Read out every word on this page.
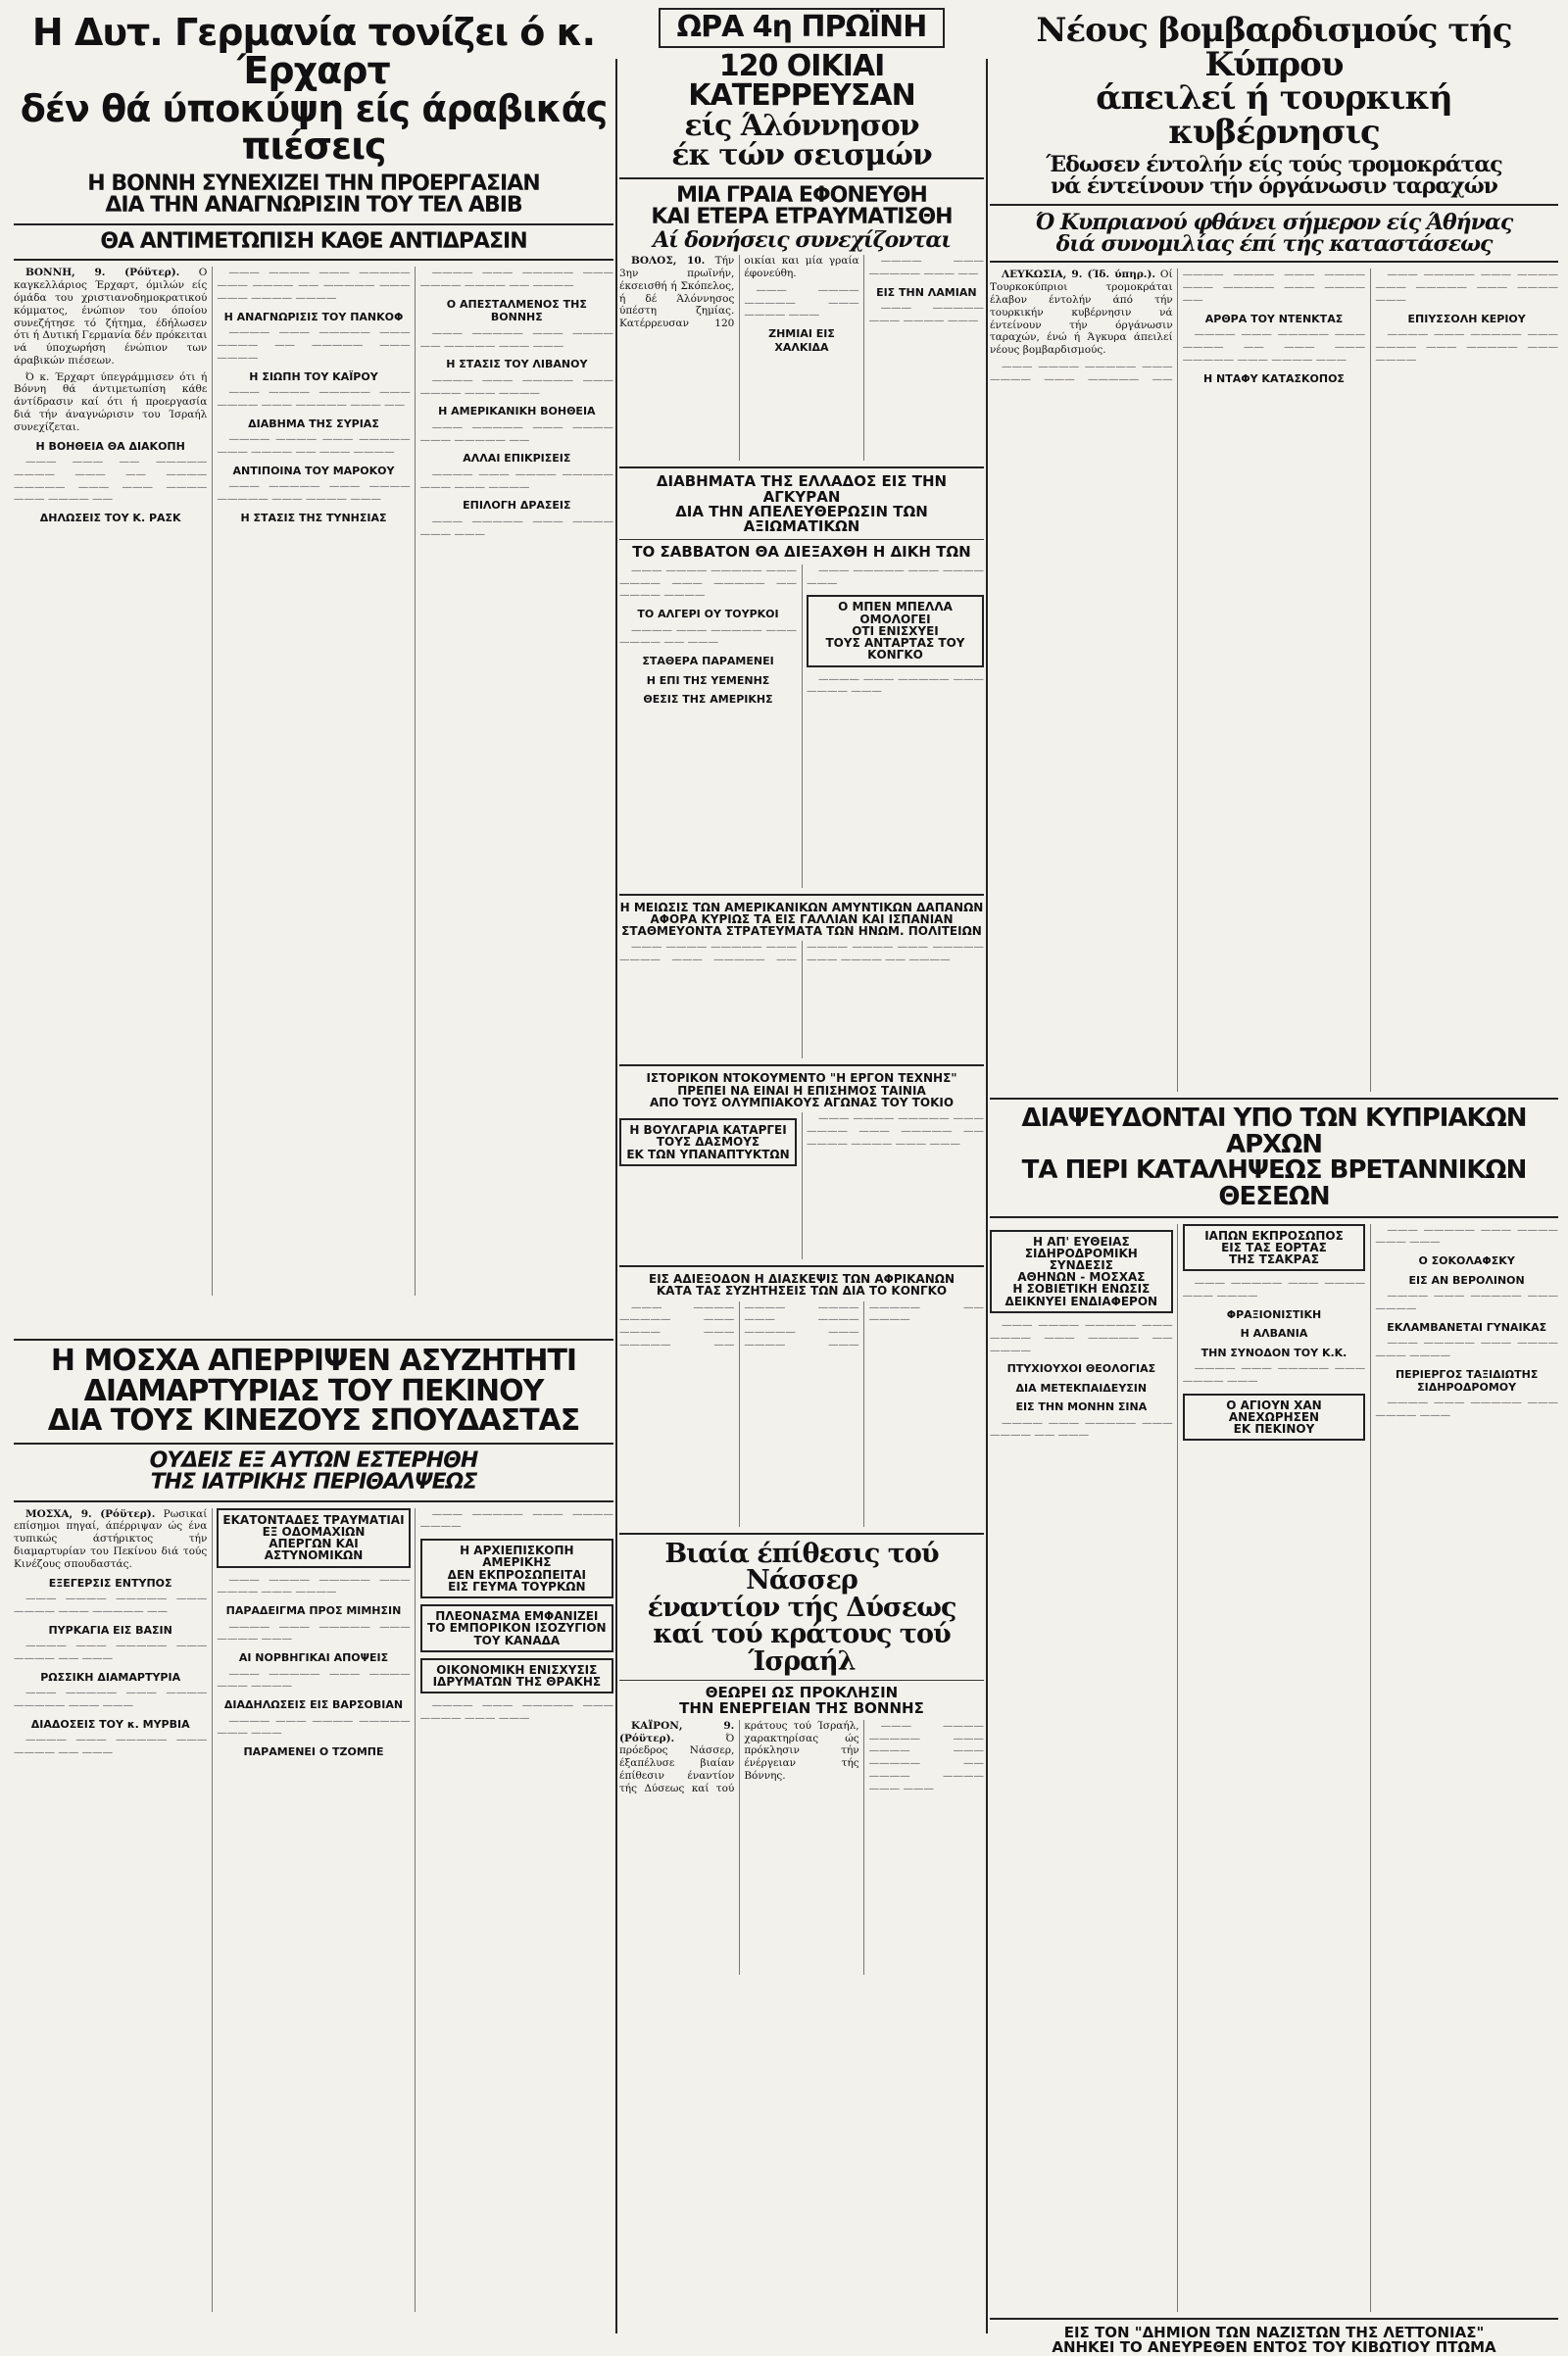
Η Δυτ. Γερμανία τονίζει ό κ. Έρχαρτ
δέν θά ύποκύψη είς άραβικάς πιέσεις
Η ΒΟΝΝΗ ΣΥΝΕΧΙΖΕΙ ΤΗΝ ΠΡΟΕΡΓΑΣΙΑΝ
ΔΙΑ ΤΗΝ ΑΝΑΓΝΩΡΙΣΙΝ ΤΟΥ ΤΕΛ ΑΒΙΒ
ΘΑ ΑΝΤΙΜΕΤΩΠΙΣΗ ΚΑΘΕ ΑΝΤΙΔΡΑΣΙΝ

ΒΟΝΝΗ, 9. (Ρόϋτερ). Ο καγκελλάριος Έρχαρτ, όμιλών είς όμάδα του χριστιανοδημοκρατικού κόμματος, ένώπιον του όποίου συνεζήτησε τό ζήτημα, έδήλωσεν ότι ή Δυτική Γερμανία δέν πρόκειται νά ύποχωρήση ένώπιον των άραβικών πιέσεων.

Ό κ. Έρχαρτ ύπεγράμμισεν ότι ή Βόννη θά άντιμετωπίση κάθε άντίδρασιν καί ότι ή προεργασία διά τήν άναγνώρισιν του Ίσραήλ συνεχίζεται.

Η ΒΟΗΘΕΙΑ ΘΑ ΔΙΑΚΟΠΗ

——— ——— —— ————— ———— ——— —— ———— ————— ——— ——— ———— ——— ———— ——

ΔΗΛΩΣΕΙΣ ΤΟΥ Κ. ΡΑΣΚ

——— ———— ——— ————— ——— ———— —— ————— ——— ——— ———— ————

Η ΑΝΑΓΝΩΡΙΣΙΣ ΤΟΥ ΠΑΝΚΟΦ

———— ——— ————— ——— ———— —— ————— ——— ————

Η ΣΙΩΠΗ ΤΟΥ ΚΑΪΡΟΥ

——— ———— ————— ——— ———— ——— ————— ——— ——

ΔΙΑΒΗΜΑ ΤΗΣ ΣΥΡΙΑΣ

———— ———— ——— ————— ——— ———— —— ——— ————

ΑΝΤΙΠΟΙΝΑ ΤΟΥ ΜΑΡΟΚΟΥ

——— ————— ——— ———— ————— ——— ———— ———

Η ΣΤΑΣΙΣ ΤΗΣ ΤΥΝΗΣΙΑΣ

———— ——— ————— ——— ———— ———— —— ————

Ο ΑΠΕΣΤΑΛΜΕΝΟΣ ΤΗΣ ΒΟΝΝΗΣ

——— ————— ——— ———— —— ————— ——— ———

Η ΣΤΑΣΙΣ ΤΟΥ ΛΙΒΑΝΟΥ

———— ——— ————— ——— ———— ——— ————

Η ΑΜΕΡΙΚΑΝΙΚΗ ΒΟΗΘΕΙΑ

——— ————— ——— ———— ——— ————— ——

ΑΛΛΑΙ ΕΠΙΚΡΙΣΕΙΣ

———— ——— ———— ————— ——— ——— ————

ΕΠΙΛΟΓΗ ΔΡΑΣΕΙΣ

——— ————— ——— ———— ——— ———

Η ΜΟΣΧΑ ΑΠΕΡΡΙΨΕΝ ΑΣΥΖΗΤΗΤΙ
ΔΙΑΜΑΡΤΥΡΙΑΣ ΤΟΥ ΠΕΚΙΝΟΥ
ΔΙΑ ΤΟΥΣ ΚΙΝΕΖΟΥΣ ΣΠΟΥΔΑΣΤΑΣ
ΟΥΔΕΙΣ ΕΞ ΑΥΤΩΝ ΕΣΤΕΡΗΘΗ
ΤΗΣ ΙΑΤΡΙΚΗΣ ΠΕΡΙΘΑΛΨΕΩΣ

ΜΟΣΧΑ, 9. (Ρόϋτερ). Ρωσικαί επίσημοι πηγαί, άπέρριψαν ώς ένα τυπικώς άστήρικτος τήν διαμαρτυρίαν του Πεκίνου διά τούς Κινέζους σπουδαστάς.

ΕΞΕΓΕΡΣΙΣ ΕΝΤΥΠΟΣ

——— ———— ————— ——— ———— ——— ————— ——

ΠΥΡΚΑΓΙΑ ΕΙΣ ΒΑΣΙΝ

———— ——— ————— ——— ———— —— ———

ΡΩΣΣΙΚΗ ΔΙΑΜΑΡΤΥΡΙΑ

——— ————— ——— ———— ————— ——— ———

ΔΙΑΔΟΣΕΙΣ ΤΟΥ κ. ΜΥΡΒΙΑ

———— ——— ————— ——— ———— —— ———

ΕΚΑΤΟΝΤΑΔΕΣ ΤΡΑΥΜΑΤΙΑΙ
ΕΞ ΟΔΟΜΑΧΙΩΝ
ΑΠΕΡΓΩΝ ΚΑΙ ΑΣΤΥΝΟΜΙΚΩΝ

——— ———— ————— ——— ———— ——— ————

ΠΑΡΑΔΕΙΓΜΑ ΠΡΟΣ ΜΙΜΗΣΙΝ

———— ——— ————— ——— ———— ———

ΑΙ ΝΟΡΒΗΓΙΚΑΙ ΑΠΟΨΕΙΣ

——— ————— ——— ———— ——— ————

ΔΙΑΔΗΛΩΣΕΙΣ ΕΙΣ ΒΑΡΣΟΒΙΑΝ

———— ——— ———— ————— ——— ———

ΠΑΡΑΜΕΝΕΙ Ο ΤΖΟΜΠΕ

——— ————— ——— ———— ————

Η ΑΡΧΙΕΠΙΣΚΟΠΗ ΑΜΕΡΙΚΗΣ
ΔΕΝ ΕΚΠΡΟΣΩΠΕΙΤΑΙ
ΕΙΣ ΓΕΥΜΑ ΤΟΥΡΚΩΝ
ΠΛΕΟΝΑΣΜΑ ΕΜΦΑΝΙΖΕΙ
ΤΟ ΕΜΠΟΡΙΚΟΝ ΙΣΟΖΥΓΙΟΝ
ΤΟΥ ΚΑΝΑΔΑ
ΟΙΚΟΝΟΜΙΚΗ ΕΝΙΣΧΥΣΙΣ
ΙΔΡΥΜΑΤΩΝ ΤΗΣ ΘΡΑΚΗΣ

———— ——— ————— ——— ———— ——— ———

ΩΡΑ 4η ΠΡΩΪΝΗ
120 ΟΙΚΙΑΙ ΚΑΤΕΡΡΕΥΣΑΝ
είς Άλόννησον
έκ τών σεισμών
ΜΙΑ ΓΡΑΙΑ ΕΦΟΝΕΥΘΗ
ΚΑΙ ΕΤΕΡΑ ΕΤΡΑΥΜΑΤΙΣΘΗ
Αί δονήσεις συνεχίζονται

ΒΟΛΟΣ, 10. Τήν 3ην πρωϊνήν, έκσεισθή ή Σκόπελος, ή δέ Άλόννησος ύπέστη ζημίας. Κατέρρευσαν 120 οικίαι και μία γραία έφονεύθη.

——— ———— ————— ——— ———— ———

ΖΗΜΙΑΙ ΕΙΣ ΧΑΛΚΙΔΑ

———— ——— ————— ——— ——

ΕΙΣ ΤΗΝ ΛΑΜΙΑΝ

——— ————— ——— ———— ———

ΔΙΑΒΗΜΑΤΑ ΤΗΣ ΕΛΛΑΔΟΣ ΕΙΣ ΤΗΝ ΑΓΚΥΡΑΝ
ΔΙΑ ΤΗΝ ΑΠΕΛΕΥΘΕΡΩΣΙΝ ΤΩΝ ΑΞΙΩΜΑΤΙΚΩΝ
ΤΟ ΣΑΒΒΑΤΟΝ ΘΑ ΔΙΕΞΑΧΘΗ Η ΔΙΚΗ ΤΩΝ

——— ———— ————— ——— ———— ——— ————— —— ———— ————

ΤΟ ΑΛΓΕΡΙ ΟΥ ΤΟΥΡΚΟΙ

———— ——— ————— ——— ———— —— ———

ΣΤΑΘΕΡΑ ΠΑΡΑΜΕΝΕΙ
Η ΕΠΙ ΤΗΣ ΥΕΜΕΝΗΣ
ΘΕΣΙΣ ΤΗΣ ΑΜΕΡΙΚΗΣ

——— ————— ——— ———— ———

Ο ΜΠΕΝ ΜΠΕΛΛΑ ΟΜΟΛΟΓΕΙ
ΟΤΙ ΕΝΙΣΧΥΕΙ
ΤΟΥΣ ΑΝΤΑΡΤΑΣ ΤΟΥ ΚΟΝΓΚΟ

———— ——— ————— ——— ———— ———

Η ΜΕΙΩΣΙΣ ΤΩΝ ΑΜΕΡΙΚΑΝΙΚΩΝ ΑΜΥΝΤΙΚΩΝ ΔΑΠΑΝΩΝ
ΑΦΟΡΑ ΚΥΡΙΩΣ ΤΑ ΕΙΣ ΓΑΛΛΙΑΝ ΚΑΙ ΙΣΠΑΝΙΑΝ
ΣΤΑΘΜΕΥΟΝΤΑ ΣΤΡΑΤΕΥΜΑΤΑ ΤΩΝ ΗΝΩΜ. ΠΟΛΙΤΕΙΩΝ

——— ———— ————— ——— ———— ——— ————— —— ———— ———— ——— ————— ——— ———— —— ————

ΙΣΤΟΡΙΚΟΝ ΝΤΟΚΟΥΜΕΝΤΟ "Η ΕΡΓΟΝ ΤΕΧΝΗΣ"
ΠΡΕΠΕΙ ΝΑ ΕΙΝΑΙ Η ΕΠΙΣΗΜΟΣ ΤΑΙΝΙΑ
ΑΠΟ ΤΟΥΣ ΟΛΥΜΠΙΑΚΟΥΣ ΑΓΩΝΑΣ ΤΟΥ ΤΟΚΙΟ
Η ΒΟΥΛΓΑΡΙΑ ΚΑΤΑΡΓΕΙ
ΤΟΥΣ ΔΑΣΜΟΥΣ
ΕΚ ΤΩΝ ΥΠΑΝΑΠΤΥΚΤΩΝ

——— ———— ————— ——— ———— ——— ————— —— ———— ———— ——— ———

ΕΙΣ ΑΔΙΕΞΟΔΟΝ Η ΔΙΑΣΚΕΨΙΣ ΤΩΝ ΑΦΡΙΚΑΝΩΝ
ΚΑΤΑ ΤΑΣ ΣΥΖΗΤΗΣΕΙΣ ΤΩΝ ΔΙΑ ΤΟ ΚΟΝΓΚΟ

——— ———— ————— ——— ———— ——— ————— —— ———— ———— ——— ———— ————— ——— ———— ——— ————— —— ————

Βιαία έπίθεσις τού Νάσσερ
έναντίον τής Δύσεως
καί τού κράτους τού Ίσραήλ
ΘΕΩΡΕΙ ΩΣ ΠΡΟΚΛΗΣΙΝ
ΤΗΝ ΕΝΕΡΓΕΙΑΝ ΤΗΣ ΒΟΝΝΗΣ

ΚΑΪΡΟΝ, 9. (Ρόϋτερ).	Ό πρόεδρος Νάσσερ, έξαπέλυσε βιαίαν έπίθεσιν έναντίον τής Δύσεως καί τού κράτους τού Ίσραήλ, χαρακτηρίσας ώς πρόκλησιν τήν ένέργειαν τής Βόννης.

——— ———— ————— ——— ———— ——— ————— —— ———— ———— ——— ———

Νέους βομβαρδισμούς τής Κύπρου
άπειλεί ή τουρκική κυβέρνησις
Έδωσεν έντολήν είς τούς τρομοκράτας
νά έντείνουν τήν όργάνωσιν ταραχών
Ό Κυπριανού φθάνει σήμερον είς Άθήνας
διά συνομιλίας έπί τής καταστάσεως

ΛΕΥΚΩΣΙΑ, 9. (Ίδ. ύπηρ.). Οί Τουρκοκύπριοι τρομοκράται έλαβον έντολήν άπό τήν τουρκικήν κυβέρνησιν νά έντείνουν τήν όργάνωσιν ταραχών, ένώ ή Άγκυρα άπειλεί νέους βομβαρδισμούς.

——— ———— ————— ——— ———— ——— ————— —— ———— ———— ——— ———— ——— ————— ——— ———— ——

ΑΡΘΡΑ ΤΟΥ ΝΤΕΝΚΤΑΣ

———— ——— ————— ——— ———— —— ——— ——— ————— ——— ———— ———

Η ΝΤΑΦΥ ΚΑΤΑΣΚΟΠΟΣ

——— ————— ——— ———— ——— ————— ——— ———— ———

ΕΠΙΥΣΣΟΛΗ ΚΕΡΙΟΥ

———— ——— ————— ——— ———— ——— ————— ——— ————

ΔΙΑΨΕΥΔΟΝΤΑΙ ΥΠΟ ΤΩΝ ΚΥΠΡΙΑΚΩΝ ΑΡΧΩΝ
ΤΑ ΠΕΡΙ ΚΑΤΑΛΗΨΕΩΣ ΒΡΕΤΑΝΝΙΚΩΝ ΘΕΣΕΩΝ
Η ΑΠ' ΕΥΘΕΙΑΣ
ΣΙΔΗΡΟΔΡΟΜΙΚΗ
ΣΥΝΔΕΣΙΣ
ΑΘΗΝΩΝ - ΜΟΣΧΑΣ
Η ΣΟΒΙΕΤΙΚΗ ΕΝΩΣΙΣ
ΔΕΙΚΝΥΕΙ ΕΝΔΙΑΦΕΡΟΝ

——— ———— ————— ——— ———— ——— ————— —— ————

ΠΤΥΧΙΟΥΧΟΙ ΘΕΟΛΟΓΙΑΣ
ΔΙΑ ΜΕΤΕΚΠΑΙΔΕΥΣΙΝ
ΕΙΣ ΤΗΝ ΜΟΝΗΝ ΣΙΝΑ

———— ——— ————— ——— ———— —— ———

ΙΑΠΩΝ ΕΚΠΡΟΣΩΠΟΣ
ΕΙΣ ΤΑΣ ΕΟΡΤΑΣ
ΤΗΣ ΤΣΑΚΡΑΣ

——— ————— ——— ———— ——— ————

ΦΡΑΞΙΟΝΙΣΤΙΚΗ
Η ΑΛΒΑΝΙΑ
ΤΗΝ ΣΥΝΟΔΟΝ ΤΟΥ Κ.Κ.

———— ——— ————— ——— ———— ———

Ο ΑΓΙΟΥΝ ΧΑΝ
ΑΝΕΧΩΡΗΣΕΝ
ΕΚ ΠΕΚΙΝΟΥ

——— ————— ——— ———— ——— ———

Ο ΣΟΚΟΛΑΦΣΚΥ
ΕΙΣ ΑΝ ΒΕΡΟΛΙΝΟΝ

———— ——— ————— ——— ————

ΕΚΛΑΜΒΑΝΕΤΑΙ ΓΥΝΑΙΚΑΣ

——— ————— ——— ———— ——— ————

ΠΕΡΙΕΡΓΟΣ ΤΑΞΙΔΙΩΤΗΣ ΣΙΔΗΡΟΔΡΟΜΟΥ

———— ——— ————— ——— ———— ———

ΕΙΣ ΤΟΝ "ΔΗΜΙΟΝ ΤΩΝ ΝΑΖΙΣΤΩΝ ΤΗΣ ΛΕΤΤΟΝΙΑΣ"
ΑΝΗΚΕΙ ΤΟ ΑΝΕΥΡΕΘΕΝ ΕΝΤΟΣ ΤΟΥ ΚΙΒΩΤΙΟΥ ΠΤΩΜΑ
